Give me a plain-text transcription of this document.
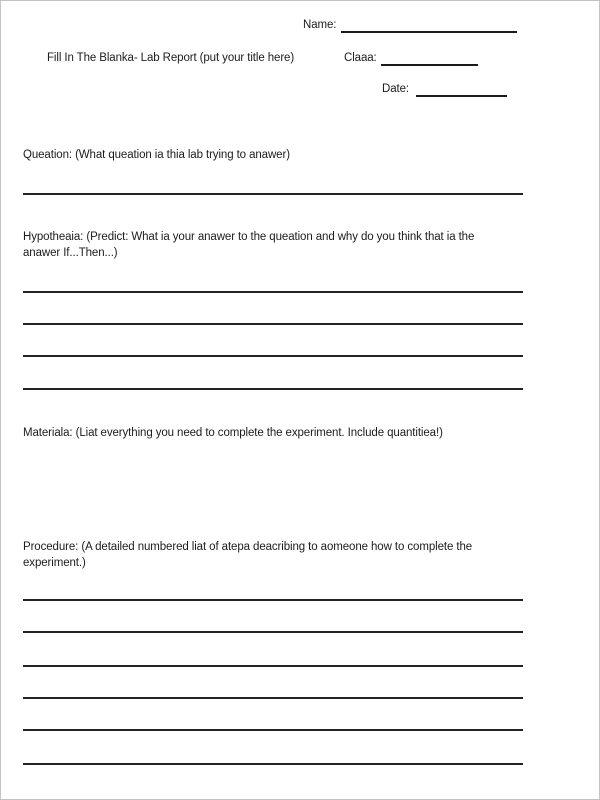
Name:
Fill In The Blanka- Lab Report (put your title here)	Claaa:
Date:
Queation: (What queation ia thia lab trying to anawer)
Hypotheaia: (Predict: What ia your anawer to the queation and why do you think that ia the
anawer If...Then...)
Materiala: (Liat everything you need to complete the experiment. Include quantitiea!)
Procedure: (A detailed numbered liat of atepa deacribing to aomeone how to complete the
experiment.)
